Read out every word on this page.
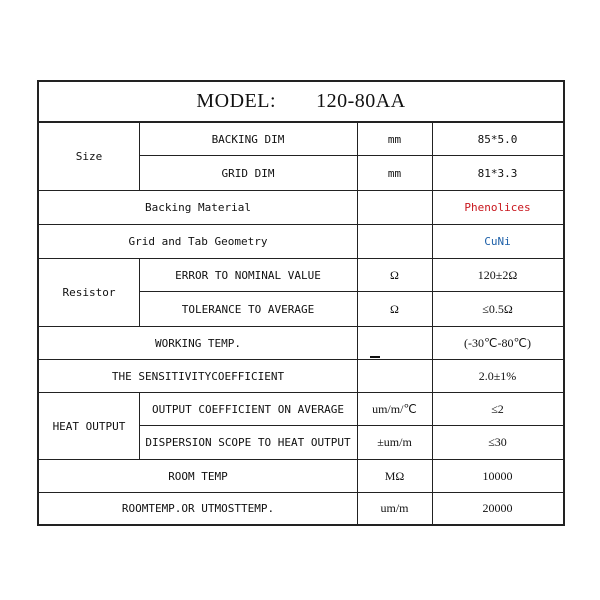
MODEL: 120-80AA
Size
BACKING DIM	mm	85*5.0
GRID DIM	mm	81*3.3
Backing Material	Phenolices
Grid and Tab Geometry	CuNi
Resistor
ERROR TO NOMINAL VALUE	Ω	120±2Ω
TOLERANCE TO AVERAGE	Ω	≤0.5Ω
WORKING TEMP.	(-30℃-80℃)
THE SENSITIVITYCOEFFICIENT	2.0±1%
HEAT OUTPUT
OUTPUT COEFFICIENT ON AVERAGE	um/m/℃	≤2
DISPERSION SCOPE TO HEAT OUTPUT	±um/m	≤30
ROOM TEMP	MΩ	10000
ROOMTEMP.OR UTMOSTTEMP.	um/m	20000
